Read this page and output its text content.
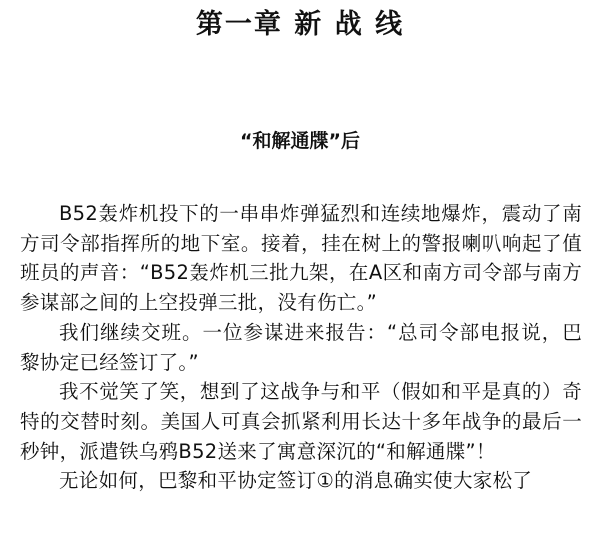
第一章 新 战 线
“和解通牒”后

B52轰炸机投下的一串串炸弹猛烈和连续地爆炸，震动了南方司令部指挥所的地下室。接着，挂在树上的警报喇叭响起了值班员的声音：“B52轰炸机三批九架，在A区和南方司令部与南方参谋部之间的上空投弹三批，没有伤亡。”

我们继续交班。一位参谋进来报告：“总司令部电报说，巴黎协定已经签订了。”

我不觉笑了笑，想到了这战争与和平（假如和平是真的）奇特的交替时刻。美国人可真会抓紧利用长达十多年战争的最后一秒钟，派遣铁乌鸦B52送来了寓意深沉的“和解通牒”！

无论如何，巴黎和平协定签订①的消息确实使大家松了
